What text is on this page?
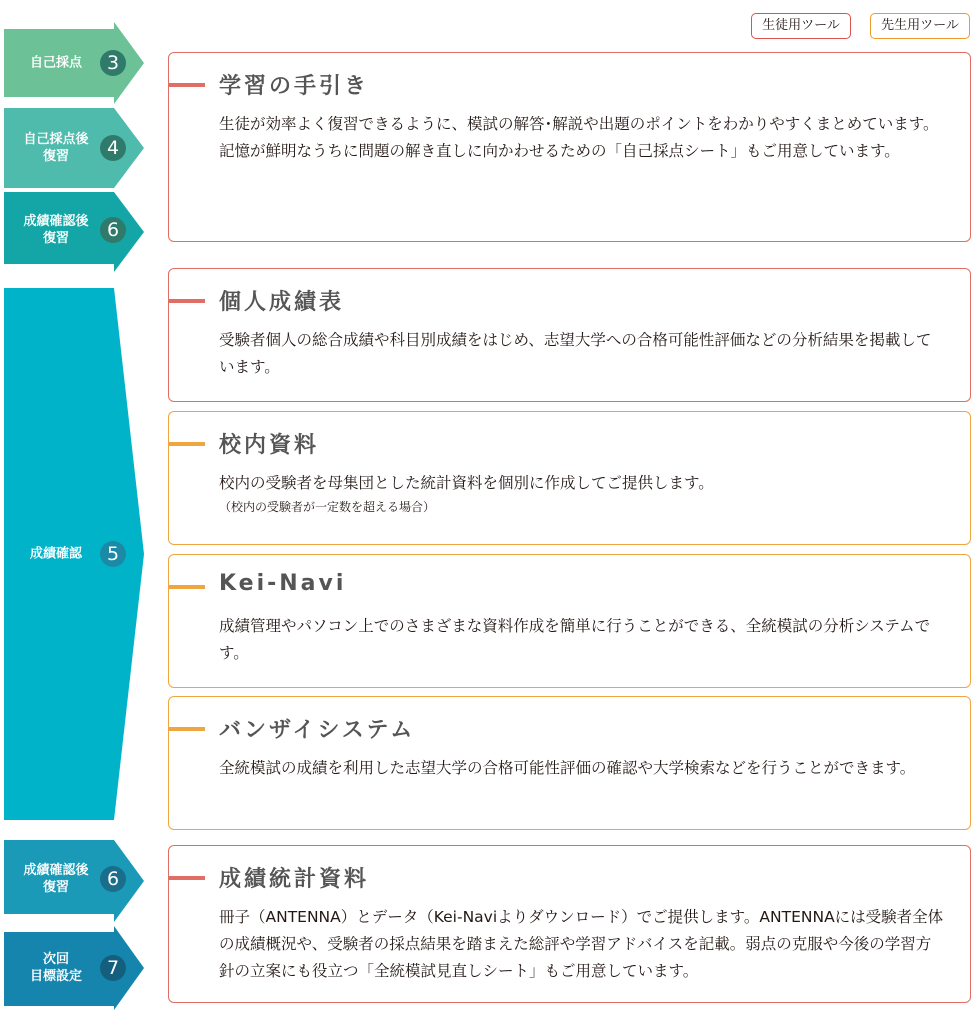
生徒用ツール	先生用ツール
自己採点	3
自己採点後
復習	4
成績確認後
復習	6
成績確認	5
成績確認後
復習	6
次回
目標設定	7
学習の手引き
生徒が効率よく復習できるように、模試の解答･解説や出題のポイントをわかりやすくまとめています。
記憶が鮮明なうちに問題の解き直しに向かわせるための「自己採点シート」もご用意しています。
個人成績表
受験者個人の総合成績や科目別成績をはじめ、志望大学への合格可能性評価などの分析結果を掲載しています。
校内資料
校内の受験者を母集団とした統計資料を個別に作成してご提供します。
（校内の受験者が一定数を超える場合）
Kei-Navi
成績管理やパソコン上でのさまざまな資料作成を簡単に行うことができる、全統模試の分析システムです。
バンザイシステム
全統模試の成績を利用した志望大学の合格可能性評価の確認や大学検索などを行うことができます。
成績統計資料
冊子（ANTENNA）とデータ（Kei-Naviよりダウンロード）でご提供します。ANTENNAには受験者全体の成績概況や、受験者の採点結果を踏まえた総評や学習アドバイスを記載。弱点の克服や今後の学習方針の立案にも役立つ「全統模試見直しシート」もご用意しています。
